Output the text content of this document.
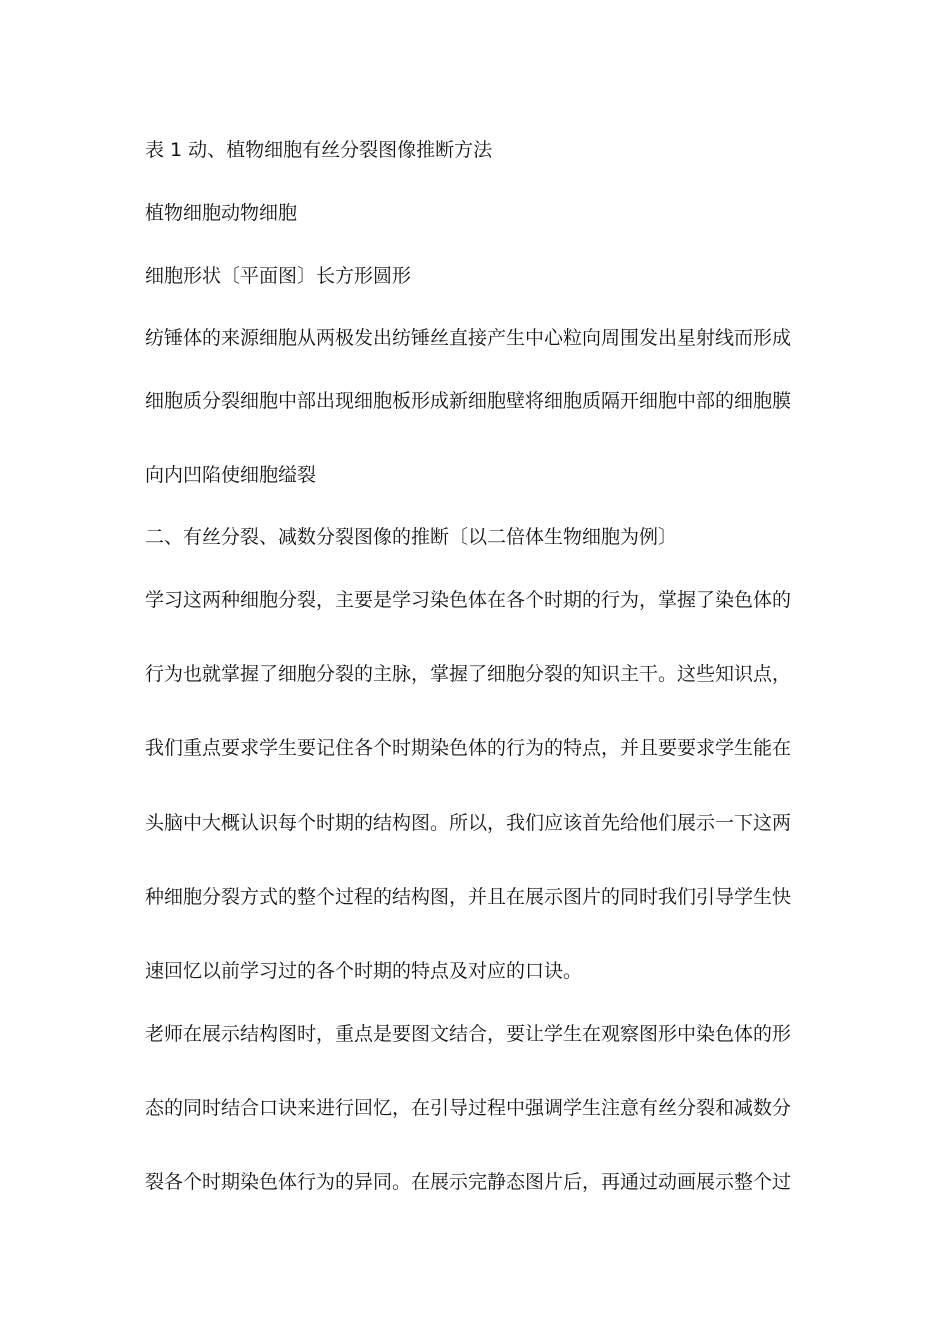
表 1 动、植物细胞有丝分裂图像推断方法
植物细胞动物细胞
细胞形状〔平面图〕长方形圆形
纺锤体的来源细胞从两极发出纺锤丝直接产生中心粒向周围发出星射线而形成
细胞质分裂细胞中部出现细胞板形成新细胞壁将细胞质隔开细胞中部的细胞膜
向内凹陷使细胞缢裂
二、有丝分裂、减数分裂图像的推断〔以二倍体生物细胞为例〕
学习这两种细胞分裂，主要是学习染色体在各个时期的行为，掌握了染色体的
行为也就掌握了细胞分裂的主脉，掌握了细胞分裂的知识主干。这些知识点，
我们重点要求学生要记住各个时期染色体的行为的特点，并且要要求学生能在
头脑中大概认识每个时期的结构图。所以，我们应该首先给他们展示一下这两
种细胞分裂方式的整个过程的结构图，并且在展示图片的同时我们引导学生快
速回忆以前学习过的各个时期的特点及对应的口诀。
老师在展示结构图时，重点是要图文结合，要让学生在观察图形中染色体的形
态的同时结合口诀来进行回忆，在引导过程中强调学生注意有丝分裂和减数分
裂各个时期染色体行为的异同。在展示完静态图片后，再通过动画展示整个过
